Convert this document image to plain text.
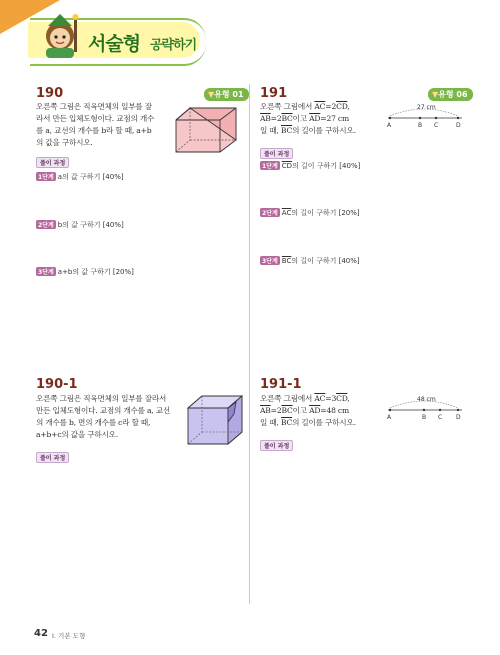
서술형 공략하기
190	▼유형 01
오른쪽 그림은 직육면체의 일부를 잘
라서 만든 입체도형이다. 교점의 개수
를 a, 교선의 개수를 b라 할 때, a+b
의 값을 구하시오.
풀이 과정
1단계 a의 값 구하기 [40%]
2단계 b의 값 구하기 [40%]
3단계 a+b의 값 구하기 [20%]
191	▼유형 06
오른쪽 그림에서 $\overline{AC}=2\overline{CD}$,
$\overline{AB}=2\overline{BC}$이고 $\overline{AD}=27$ cm
일 때, $\overline{BC}$의 길이를 구하시오.
27 cm
A	B C	D
풀이 과정
1단계 $\overline{CD}$의 길이 구하기 [40%]
2단계 $\overline{AC}$의 길이 구하기 [20%]
3단계 $\overline{BC}$의 길이 구하기 [40%]
190-1
오른쪽 그림은 직육면체의 일부를 잘라서
만든 입체도형이다. 교점의 개수를 a, 교선
의 개수를 b, 면의 개수를 c라 할 때,
a+b+c의 값을 구하시오.
풀이 과정
191-1
오른쪽 그림에서 $\overline{AC}=3\overline{CD}$,
$\overline{AB}=2\overline{BC}$이고 $\overline{AD}=48$ cm
일 때, $\overline{BC}$의 길이를 구하시오.
48 cm
A	B C D
풀이 과정
42 I. 기본 도형
